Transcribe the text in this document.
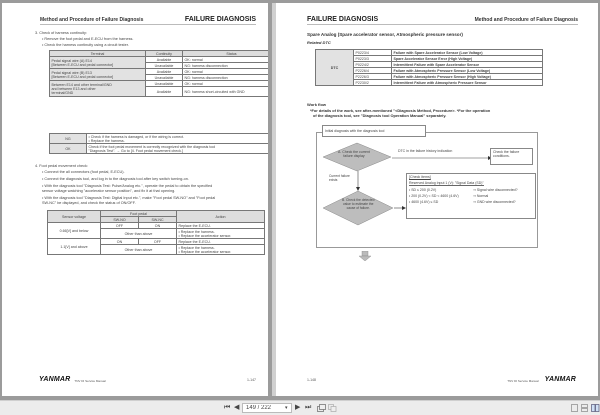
Method and Procedure of Failure Diagnosis	FAILURE DIAGNOSIS
3. Check of harness continuity:
• Remove the foot pedal and E-ECU from the harness.
• Check the harness continuity using a circuit tester.
Terminal	Continuity	Status
Pedal signal wire (A) E14
[Between E-ECU and pedal connector]	Available	OK: normal
	Unavailable	NG: harness disconnection
Pedal signal wire (B) E13
[Between E-ECU and pedal connector]	Available	OK: normal
	Unavailable	NG: harness disconnection
Between E14 and other terminal/GND
and between E13 and other
terminal/GND	Unavailable	OK: normal
	Available	NG: harness short-circuited with GND
NG	• Check if the harness is damaged, or if the wiring is correct.
• Replace the harness.
OK	Check if the foot pedal movement is correctly recognized with the diagnosis tool
"Diagnosis Test". → Go to [4. Foot pedal movement check.]
4. Foot pedal movement check:
• Connect the all connectors (foot pedal, E-ECU).
• Connect the diagnosis tool, and log in to the diagnosis tool after key switch turning-on.
• With the diagnosis tool "Diagnosis Test: Pulse/Analog etc.", operate the pedal to obtain the specified
sensor voltage watching "accelerator sensor position", and fix it at that opening.
• With the diagnosis tool "Diagnosis Test: Digital Input etc.", make "Foot pedal SW-NO" and "Foot pedal
SW-NC" be displayed, and check the status of ON/OFF.
Sensor voltage	Foot pedal		Action
	SW-NO	SW-NC	
0.66[V] and below	OFF	ON	Replace the E-ECU.
	Other than above		• Replace the harness.
• Replace the accelerator sensor.
1.1[V] and above	ON	OFF	Replace the E-ECU.
	Other than above		• Replace the harness.
• Replace the accelerator sensor.
YANMAR TNV DI Service Manual	1-147
FAILURE DIAGNOSIS	Method and Procedure of Failure Diagnosis
Spare Analog (Spare accelerator sensor, Atmospheric pressure sensor)
Related DTC
DTC	P0223/4	Failure with Spare Accelerator Sensor (Low Voltage)
	P0223/3	Spare Accelerator Sensor Error (High Voltage)
	P0224/2	Intermittent Failure with Spare Accelerator Sensor
	P2226/4	Failure with Atmospheric Pressure Sensor (Low Voltage)
	P2226/3	Failure with Atmospheric Pressure Sensor (High Voltage)
	P2230/2	Intermittent Failure with Atmospheric Pressure Sensor
Work flow
*For details of the work, see after-mentioned "<Diagnosis Method, Procedure>. *For the operation
of the diagnosis tool, see "Diagnosis tool Operation Manual" separately.
Initial diagnosis with the diagnosis tool
A. Check the current
failure display
DTC in the failure history indication	Check the failure
conditions.
Current failure
exists
B. Check the detected
value to estimate the
cause of failure.
[Check items]
Reserved Analog Input 1 (V): "Signal Data (SD)"
• SD ≤ 200 (0.2V)	⇒ Signal wire disconnected?
• 200 (0.2V) < SD < 4600 (4.6V)	⇒ Normal
• 4600 (4.6V) ≤ SD	⇒ GND wire disconnected?
1-148	TNV DI Service Manual YANMAR
⏮ ◀
149 / 222	▾ ▶ ⏭
